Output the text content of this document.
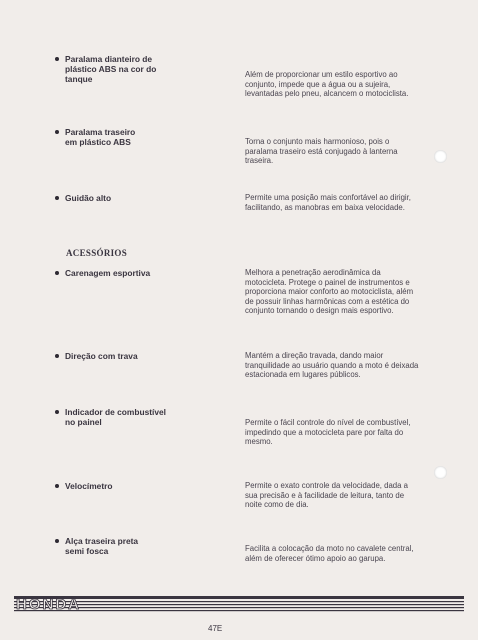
Paralama dianteiro de
plástico ABS na cor do
tanque	Além de proporcionar um estilo esportivo ao conjunto, impede que a água ou a sujeira, levantadas pelo pneu, alcancem o motociclista.
Paralama traseiro
em plástico ABS	Torna o conjunto mais harmonioso, pois o paralama traseiro está conjugado à lanterna traseira.
Guidão alto	Permite uma posição mais confortável ao dirigir, facilitando, as manobras em baixa velocidade.
ACESSÓRIOS
Carenagem esportiva	Melhora a penetração aerodinâmica da motocicleta. Protege o painel de instrumentos e proporciona maior conforto ao motociclista, além de possuir linhas harmônicas com a estética do conjunto tornando o design mais esportivo.
Direção com trava	Mantém a direção travada, dando maior tranquilidade ao usuário quando a moto é deixada estacionada em lugares públicos.
Indicador de combustível
no painel	Permite o fácil controle do nível de combustível, impedindo que a motocicleta pare por falta do mesmo.
Velocímetro	Permite o exato controle da velocidade, dada a sua precisão e à facilidade de leitura, tanto de noite como de dia.
Alça traseira preta
semi fosca	Facilita a colocação da moto no cavalete central, além de oferecer ótimo apoio ao garupa.
HONDA
47E
